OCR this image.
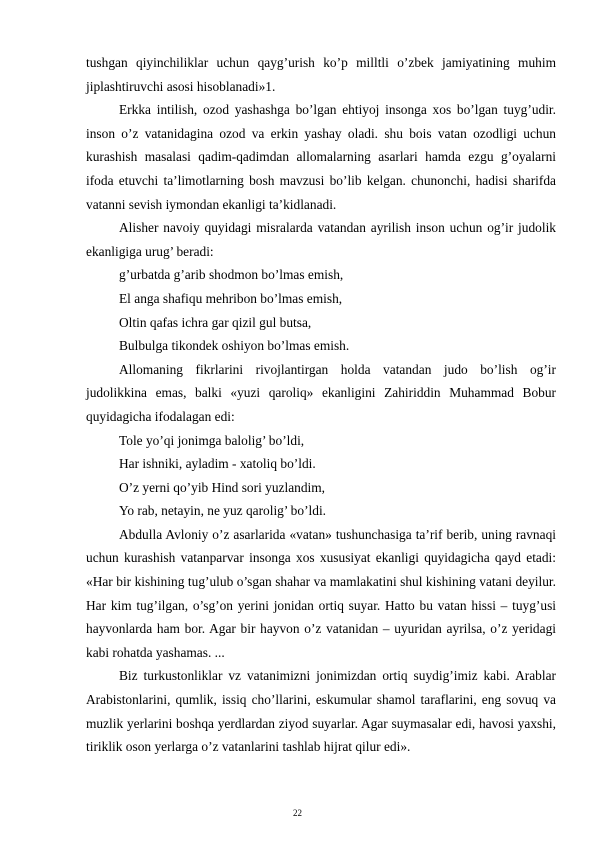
tushgan qiyinchiliklar uchun qayg’urish ko’p milltli o’zbek jamiyatining muhim jiplashtiruvchi asosi hisoblanadi»1.

Erkka intilish, ozod yashashga bo’lgan ehtiyoj insonga xos bo’lgan tuyg’udir. inson o’z vatanidagina ozod va erkin yashay oladi. shu bois vatan ozodligi uchun kurashish masalasi qadim-qadimdan allomalarning asarlari hamda ezgu g’oyalarni ifoda etuvchi ta’limotlarning bosh mavzusi bo’lib kelgan. chunonchi, hadisi sharifda vatanni sevish iymondan ekanligi ta’kidlanadi.

Alisher navoiy quyidagi misralarda vatandan ayrilish inson uchun og’ir judolik ekanligiga urug’ beradi:

g’urbatda g’arib shodmon bo’lmas emish,

El anga shafiqu mehribon bo’lmas emish,

Oltin qafas ichra gar qizil gul butsa,

Bulbulga tikondek oshiyon bo’lmas emish.

Allomaning fikrlarini rivojlantirgan holda vatandan judo bo’lish og’ir judolikkina emas, balki «yuzi qaroliq» ekanligini Zahiriddin Muhammad Bobur quyidagicha ifodalagan edi:

Tole yo’qi jonimga balolig’ bo’ldi,

Har ishniki, ayladim - xatoliq bo’ldi.

O’z yerni qo’yib Hind sori yuzlandim,

Yo rab, netayin, ne yuz qarolig’ bo’ldi.

Abdulla Avloniy o’z asarlarida «vatan» tushunchasiga ta’rif berib, uning ravnaqi uchun kurashish vatanparvar insonga xos xususiyat ekanligi quyidagicha qayd etadi: «Har bir kishining tug’ulub o’sgan shahar va mamlakatini shul kishining vatani deyilur. Har kim tug’ilgan, o’sg’on yerini jonidan ortiq suyar. Hatto bu vatan hissi – tuyg’usi hayvonlarda ham bor. Agar bir hayvon o’z vatanidan – uyuridan ayrilsa, o’z yeridagi kabi rohatda yashamas. ...

Biz turkustonliklar vz vatanimizni jonimizdan ortiq suydig’imiz kabi. Arablar Arabistonlarini, qumlik, issiq cho’llarini, eskumular shamol taraflarini, eng sovuq va muzlik yerlarini boshqa yerdlardan ziyod suyarlar. Agar suymasalar edi, havosi yaxshi, tiriklik oson yerlarga o’z vatanlarini tashlab hijrat qilur edi».

22
